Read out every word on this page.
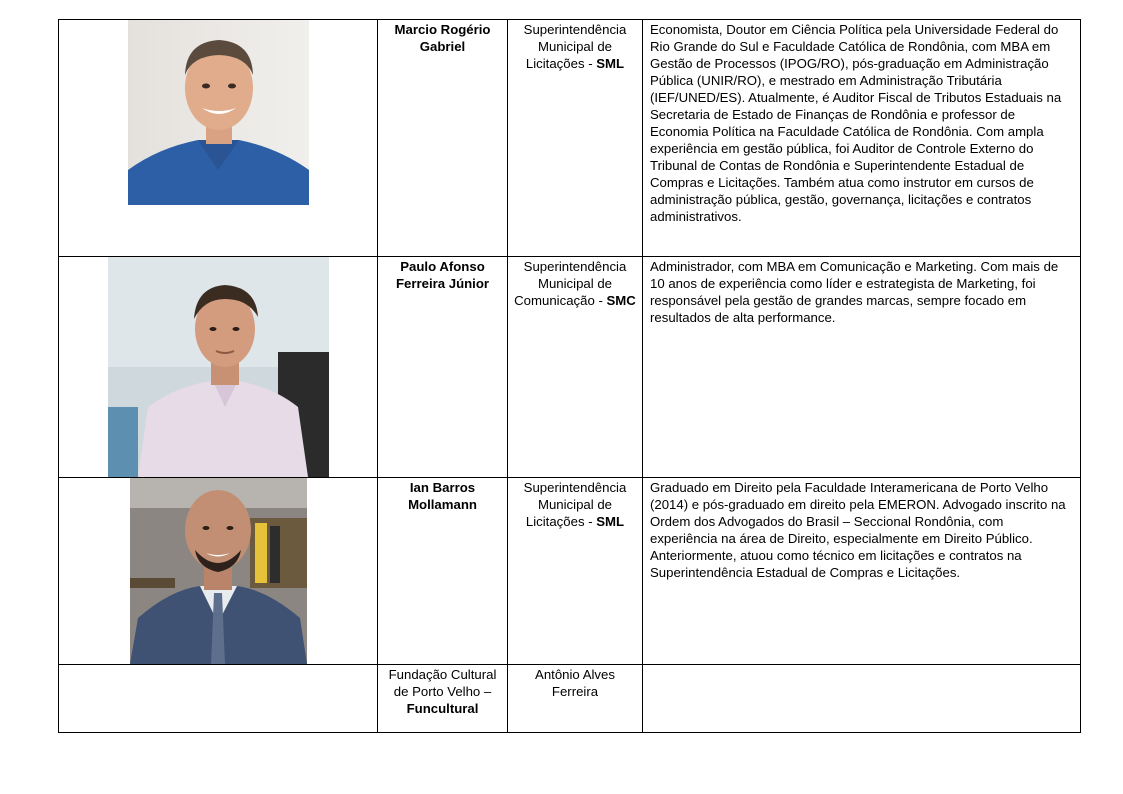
	Marcio Rogério Gabriel	Superintendência Municipal de Licitações - SML	Economista, Doutor em Ciência Política pela Universidade Federal do Rio Grande do Sul e Faculdade Católica de Rondônia, com MBA em Gestão de Processos (IPOG/RO), pós-graduação em Administração Pública (UNIR/RO), e mestrado em Administração Tributária (IEF/UNED/ES). Atualmente, é Auditor Fiscal de Tributos Estaduais na Secretaria de Estado de Finanças de Rondônia e professor de Economia Política na Faculdade Católica de Rondônia. Com ampla experiência em gestão pública, foi Auditor de Controle Externo do Tribunal de Contas de Rondônia e Superintendente Estadual de Compras e Licitações. Também atua como instrutor em cursos de administração pública, gestão, governança, licitações e contratos administrativos.

	Paulo Afonso Ferreira Júnior	Superintendência Municipal de Comunicação - SMC	Administrador, com MBA em Comunicação e Marketing. Com mais de 10 anos de experiência como líder e estrategista de Marketing, foi responsável pela gestão de grandes marcas, sempre focado em resultados de alta performance.

	Ian Barros Mollamann	Superintendência Municipal de Licitações - SML	Graduado em Direito pela Faculdade Interamericana de Porto Velho (2014) e pós-graduado em direito pela EMERON. Advogado inscrito na Ordem dos Advogados do Brasil – Seccional Rondônia, com experiência na área de Direito, especialmente em Direito Público. Anteriormente, atuou como técnico em licitações e contratos na Superintendência Estadual de Compras e Licitações.
	Fundação Cultural de Porto Velho – Funcultural	Antônio Alves Ferreira	
